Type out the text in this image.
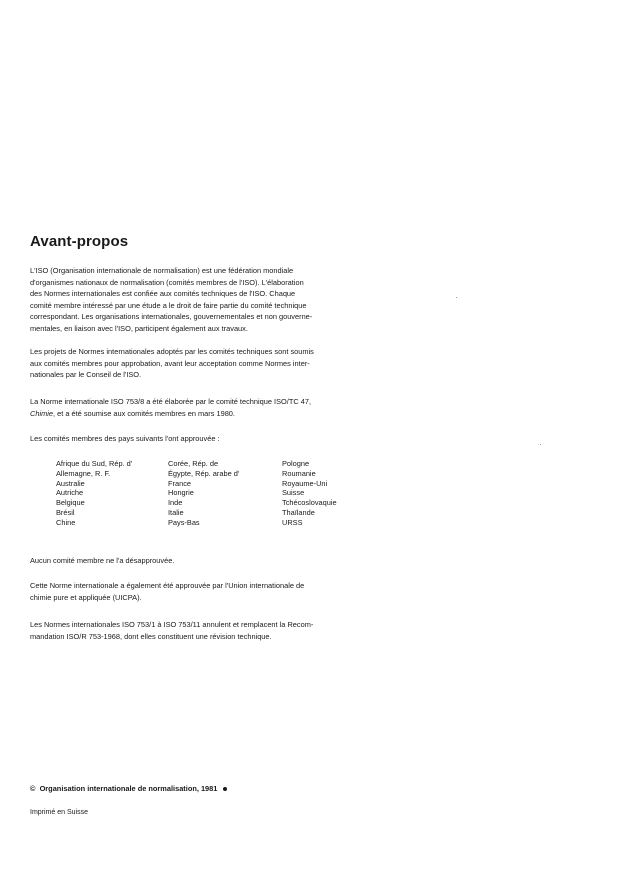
Avant-propos
L'ISO (Organisation internationale de normalisation) est une fédération mondiale
d'organismes nationaux de normalisation (comités membres de l'ISO). L'élaboration
des Normes internationales est confiée aux comités techniques de l'ISO. Chaque
comité membre intéressé par une étude a le droit de faire partie du comité technique
correspondant. Les organisations internationales, gouvernementales et non gouverne-
mentales, en liaison avec l'ISO, participent également aux travaux.
Les projets de Normes internationales adoptés par les comités techniques sont soumis
aux comités membres pour approbation, avant leur acceptation comme Normes inter-
nationales par le Conseil de l'ISO.
La Norme internationale ISO 753/8 a été élaborée par le comité technique ISO/TC 47,
Chimie, et a été soumise aux comités membres en mars 1980.
Les comités membres des pays suivants l'ont approuvée :
Afrique du Sud, Rép. d'
Allemagne, R. F.
Australie
Autriche
Belgique
Brésil
Chine
Corée, Rép. de
Égypte, Rép. arabe d'
France
Hongrie
Inde
Italie
Pays-Bas
Pologne
Roumanie
Royaume-Uni
Suisse
Tchécoslovaquie
Thaïlande
URSS
Aucun comité membre ne l'a désapprouvée.
Cette Norme internationale a également été approuvée par l'Union internationale de
chimie pure et appliquée (UICPA).
Les Normes internationales ISO 753/1 à ISO 753/11 annulent et remplacent la Recom-
mandation ISO/R 753-1968, dont elles constituent une révision technique.
© Organisation internationale de normalisation, 1981
Imprimé en Suisse
